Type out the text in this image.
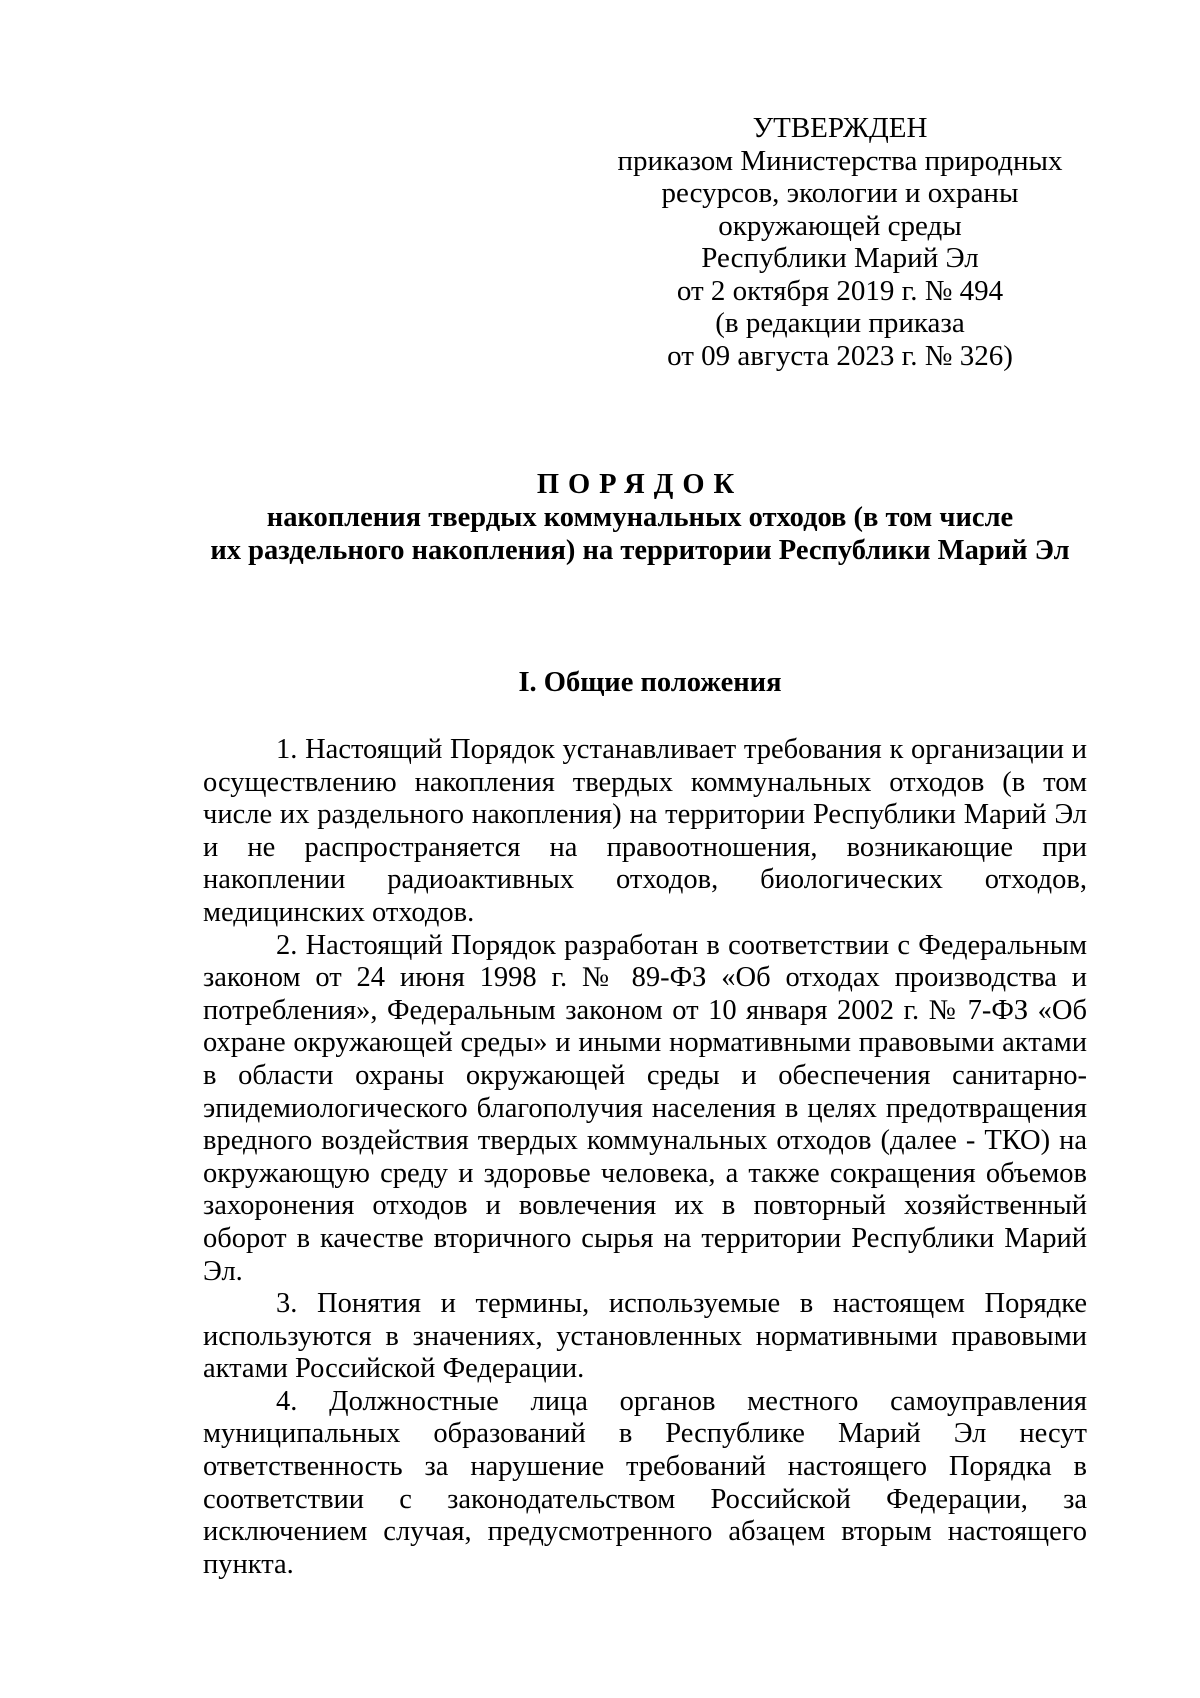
УТВЕРЖДЕН
приказом Министерства природных
ресурсов, экологии и охраны
окружающей среды
Республики Марий Эл
от 2 октября 2019 г. № 494
(в редакции приказа
от 09 августа 2023 г. № 326)
ПОРЯДОК
накопления твердых коммунальных отходов (в том числе
их раздельного накопления) на территории Республики Марий Эл
I. Общие положения

1. Настоящий Порядок устанавливает требования к организации и осуществлению накопления твердых коммунальных отходов (в том числе их раздельного накопления) на территории Республики Марий Эл и не распространяется на правоотношения, возникающие при накоплении радиоактивных отходов, биологических отходов, медицинских отходов.

2. Настоящий Порядок разработан в соответствии с Федеральным законом от 24 июня 1998 г. № 89-ФЗ «Об отходах производства и потребления», Федеральным законом от 10 января 2002 г. № 7-ФЗ «Об охране окружающей среды» и иными нормативными правовыми актами в области охраны окружающей среды и обеспечения санитарно-эпидемиологического благополучия населения в целях предотвращения вредного воздействия твердых коммунальных отходов (далее - ТКО) на окружающую среду и здоровье человека, а также сокращения объемов захоронения отходов и вовлечения их в повторный хозяйственный оборот в качестве вторичного сырья на территории Республики Марий Эл.

3. Понятия и термины, используемые в настоящем Порядке используются в значениях, установленных нормативными правовыми актами Российской Федерации.

4. Должностные лица органов местного самоуправления муниципальных образований в Республике Марий Эл несут ответственность за нарушение требований настоящего Порядка в соответствии с законодательством Российской Федерации, за исключением случая, предусмотренного абзацем вторым настоящего пункта.
